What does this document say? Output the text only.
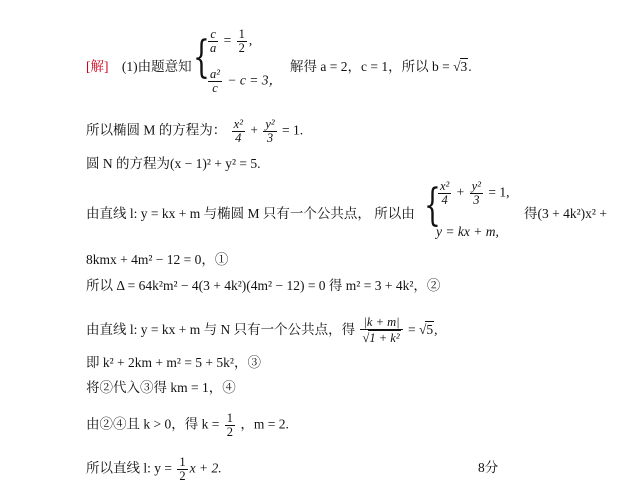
[解] (1)由题意知 {
$\frac{c}{a} = \frac{1}{2}$ ,
$\frac{\text{a²}}{c} - c = 3$，
解得 a = 2，c = 1，所以 b = √3.
所以椭圆 M 的方程为： $\frac{\text{x²}}{4} + \frac{\text{y²}}{3} = 1$.
圆 N 的方程为(x − 1)² + y² = 5.
由直线 l: y = kx + m 与椭圆 M 只有一个公共点， 所以由 {
$\frac{\text{x²}}{4} + \frac{\text{y²}}{3} = 1$,
y = kx + m,
得(3 + 4k²)x² +
8kmx + 4m² − 12 = 0，①
所以 Δ = 64k²m² − 4(3 + 4k²)(4m² − 12) = 0 得 m² = 3 + 4k²，②
由直线 l: y = kx + m 与 N 只有一个公共点，得 $\frac{|k + m|}{\text{√1 + k²}} = √5$,
即 k² + 2km + m² = 5 + 5k²，③
将②代入③得 km = 1，④
由②④且 k > 0，得 $k = \frac{1}{2}$ ，m = 2.
所以直线 l: $y = \frac{1}{2}$ x + 2.	8分
